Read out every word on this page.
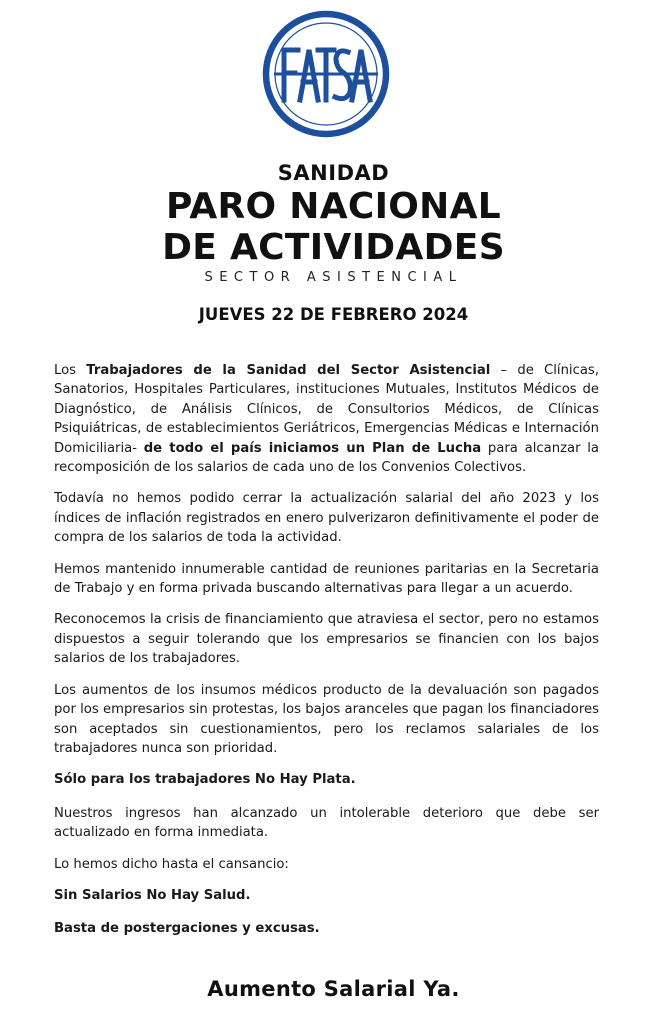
SANIDAD
PARO NACIONAL
DE ACTIVIDADES
SECTOR ASISTENCIAL
JUEVES 22 DE FEBRERO 2024

Los Trabajadores de la Sanidad del Sector Asistencial – de Clínicas, Sanatorios, Hospitales Particulares, instituciones Mutuales, Institutos Médicos de Diagnóstico, de Análisis Clínicos, de Consultorios Médicos, de Clínicas Psiquiátricas, de establecimientos Geriátricos, Emergencias Médicas e Internación Domiciliaria- de todo el país iniciamos un Plan de Lucha para alcanzar la recomposición de los salarios de cada uno de los Convenios Colectivos.

Todavía no hemos podido cerrar la actualización salarial del año 2023 y los índices de inflación registrados en enero pulverizaron definitivamente el poder de compra de los salarios de toda la actividad.

Hemos mantenido innumerable cantidad de reuniones paritarias en la Secretaria de Trabajo y en forma privada buscando alternativas para llegar a un acuerdo.

Reconocemos la crisis de financiamiento que atraviesa el sector, pero no estamos dispuestos a seguir tolerando que los empresarios se financien con los bajos salarios de los trabajadores.

Los aumentos de los insumos médicos producto de la devaluación son pagados por los empresarios sin protestas, los bajos aranceles que pagan los financiadores son aceptados sin cuestionamientos, pero los reclamos salariales de los trabajadores nunca son prioridad.

Sólo para los trabajadores No Hay Plata.

Nuestros ingresos han alcanzado un intolerable deterioro que debe ser actualizado en forma inmediata.

Lo hemos dicho hasta el cansancio:

Sin Salarios No Hay Salud.

Basta de postergaciones y excusas.

Aumento Salarial Ya.
